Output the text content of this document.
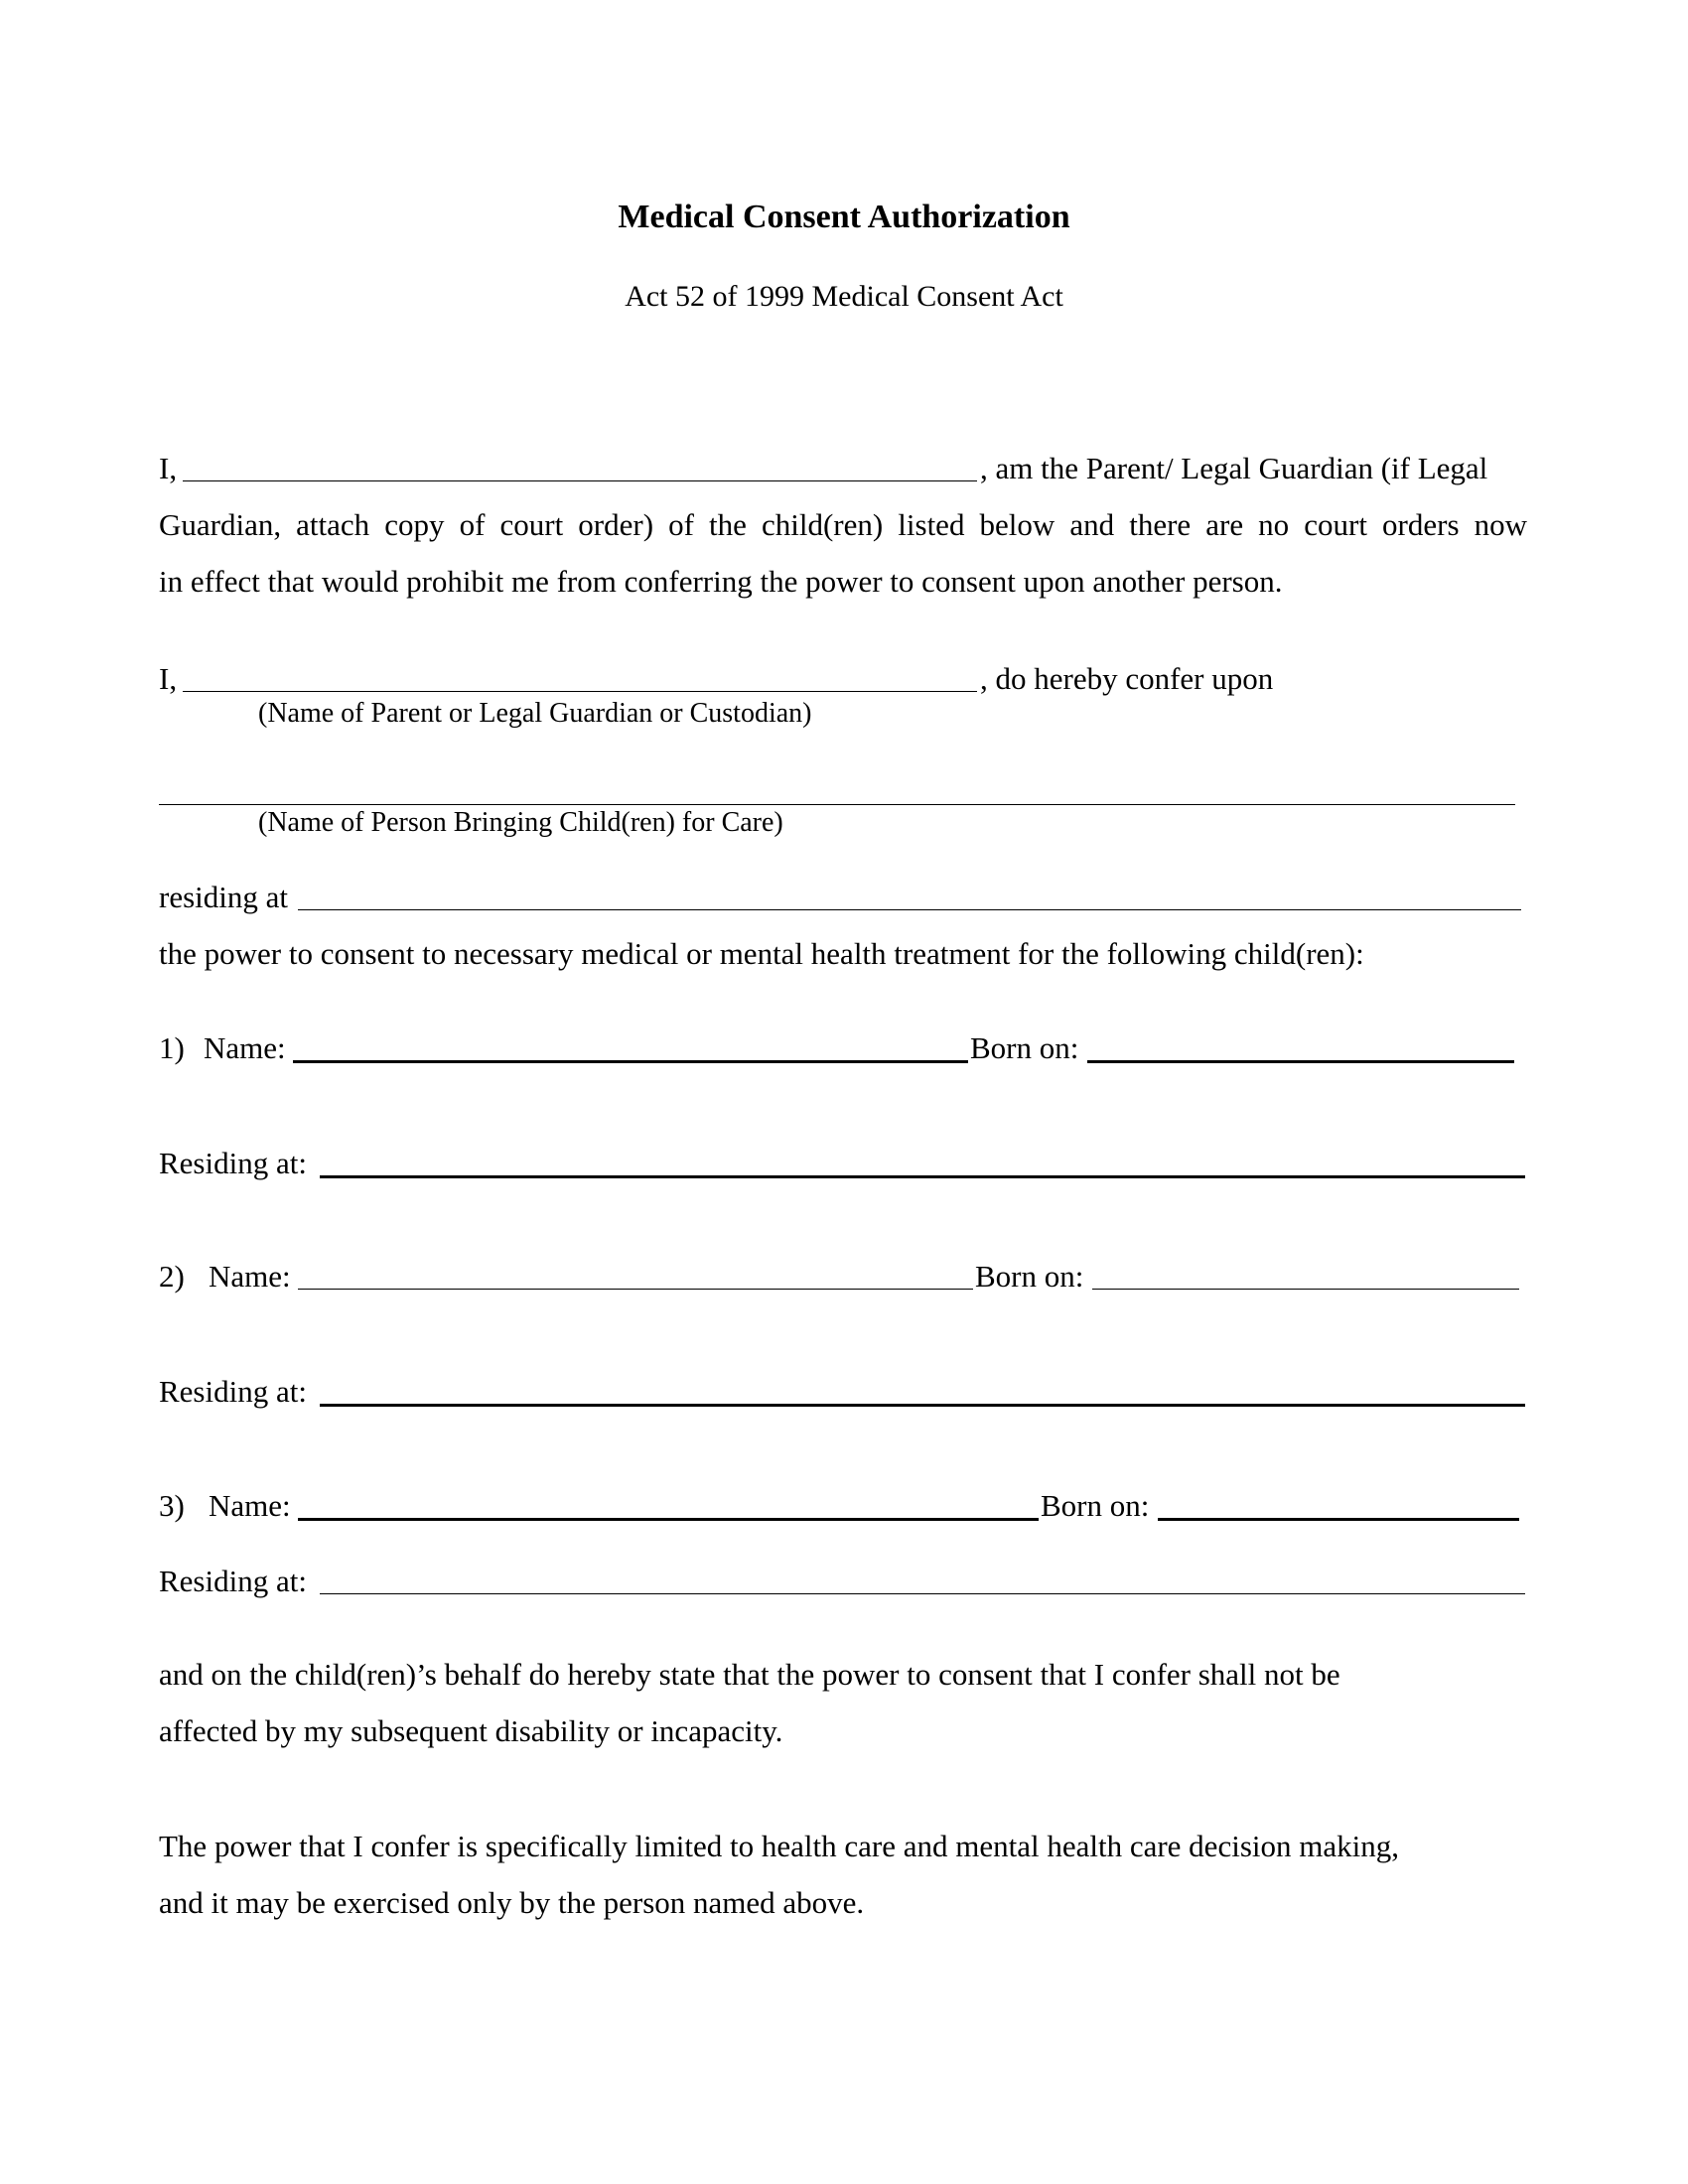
Medical Consent Authorization
Act 52 of 1999 Medical Consent Act
I,	, am the Parent/ Legal Guardian (if Legal
Guardian, attach copy of court order) of the child(ren) listed below and there are no court orders now
in effect that would prohibit me from conferring the power to consent upon another person.
I,	, do hereby confer upon
(Name of Parent or Legal Guardian or Custodian)
(Name of Person Bringing Child(ren) for Care)
residing at
the power to consent to necessary medical or mental health treatment for the following child(ren):
1) Name:	Born on:
Residing at:
2) Name:	Born on:
Residing at:
3) Name:	Born on:
Residing at:
and on the child(ren)’s behalf do hereby state that the power to consent that I confer shall not be
affected by my subsequent disability or incapacity.
The power that I confer is specifically limited to health care and mental health care decision making,
and it may be exercised only by the person named above.
